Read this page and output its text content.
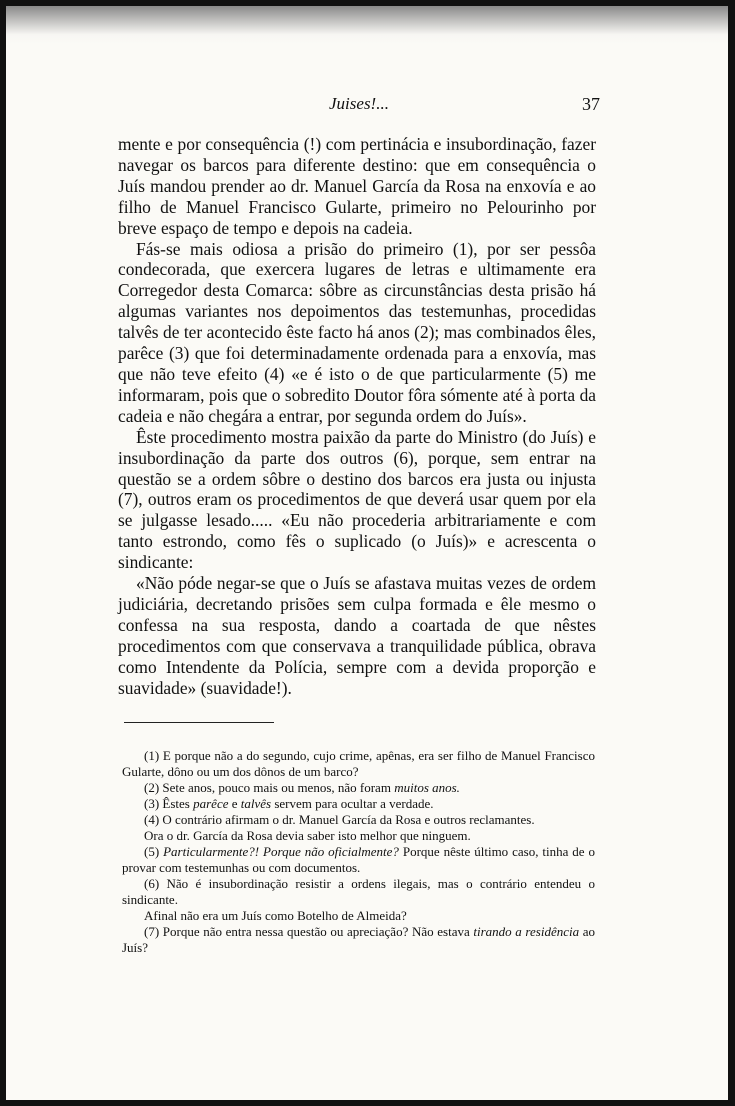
Juises!...	37

mente e por consequência (!) com pertinácia e insubordinação, fazer navegar os barcos para diferente destino: que em consequência o Juís mandou prender ao dr. Manuel García da Rosa na enxovía e ao filho de Manuel Francisco Gularte, primeiro no Pelourinho por breve espaço de tempo e depois na cadeia.

Fás-se mais odiosa a prisão do primeiro (1), por ser pessôa condecorada, que exercera lugares de letras e ultimamente era Corregedor desta Comarca: sôbre as circunstâncias desta prisão há algumas variantes nos depoimentos das testemunhas, procedidas talvês de ter acontecido êste facto há anos (2); mas combinados êles, parêce (3) que foi determinadamente ordenada para a enxovía, mas que não teve efeito (4) «e é isto o de que particularmente (5) me informaram, pois que o sobredito Doutor fôra sómente até à porta da cadeia e não chegára a entrar, por segunda ordem do Juís».

Êste procedimento mostra paixão da parte do Ministro (do Juís) e insubordinação da parte dos outros (6), porque, sem entrar na questão se a ordem sôbre o destino dos barcos era justa ou injusta (7), outros eram os procedimentos de que deverá usar quem por ela se julgasse lesado..... «Eu não procederia arbitrariamente e com tanto estrondo, como fês o suplicado (o Juís)» e acrescenta o sindicante:

«Não póde negar-se que o Juís se afastava muitas vezes de ordem judiciária, decretando prisões sem culpa formada e êle mesmo o confessa na sua resposta, dando a coartada de que nêstes procedimentos com que conservava a tranquilidade pública, obrava como Intendente da Polícia, sempre com a devida proporção e suavidade» (suavidade!).

(1) E porque não a do segundo, cujo crime, apênas, era ser filho de Manuel Francisco Gularte, dôno ou um dos dônos de um barco?

(2) Sete anos, pouco mais ou menos, não foram muitos anos.

(3) Êstes parêce e talvês servem para ocultar a verdade.

(4) O contrário afirmam o dr. Manuel García da Rosa e outros reclamantes.

Ora o dr. García da Rosa devia saber isto melhor que ninguem.

(5) Particularmente?! Porque não oficialmente? Porque nêste último caso, tinha de o provar com testemunhas ou com documentos.

(6) Não é insubordinação resistir a ordens ilegais, mas o contrário entendeu o sindicante.

Afinal não era um Juís como Botelho de Almeida?

(7) Porque não entra nessa questão ou apreciação? Não estava tirando a residência ao Juís?
